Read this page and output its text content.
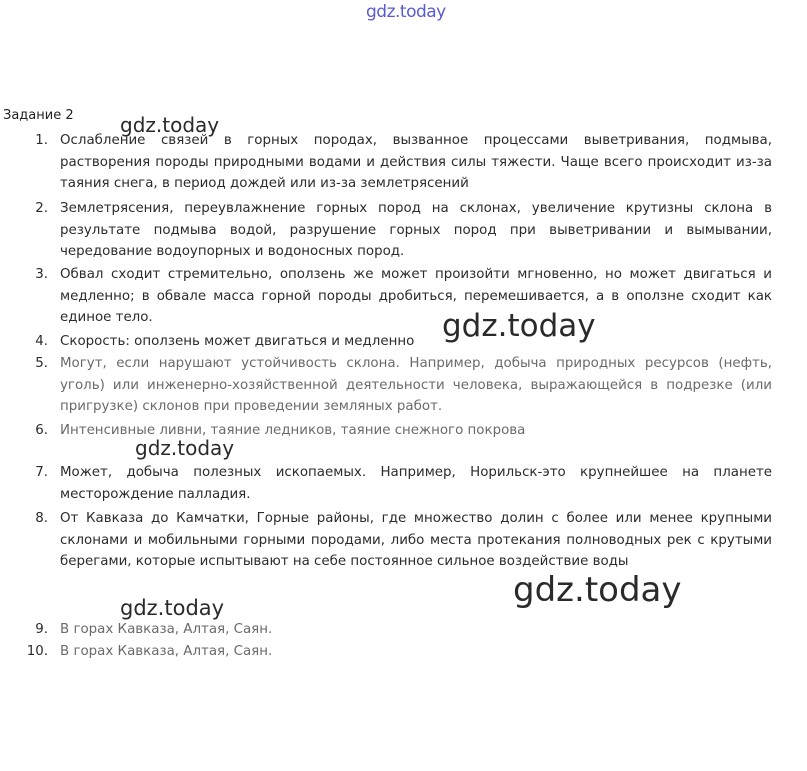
gdz.today
gdz.today
gdz.today
gdz.today
gdz.today
gdz.today
Задание 2
1. Ослабление связей в горных породах, вызванное процессами выветривания, подмыва, растворения породы природными водами и действия силы тяжести. Чаще всего происходит из-за таяния снега, в период дождей или из-за землетрясений
2. Землетрясения, переувлажнение горных пород на склонах, увеличение крутизны склона в результате подмыва водой, разрушение горных пород при выветривании и вымывании, чередование водоупорных и водоносных пород.
3. Обвал сходит стремительно, оползень же может произойти мгновенно, но может двигаться и медленно; в обвале масса горной породы дробиться, перемешивается, а в оползне сходит как единое тело.
4. Скорость: оползень может двигаться и медленно
5. Могут, если нарушают устойчивость склона. Например, добыча природных ресурсов (нефть, уголь) или инженерно-хозяйственной деятельности человека, выражающейся в подрезке (или пригрузке) склонов при проведении земляных работ.
6. Интенсивные ливни, таяние ледников, таяние снежного покрова
7. Может, добыча полезных ископаемых. Например, Норильск-это крупнейшее на планете месторождение палладия.
8. От Кавказа до Камчатки, Горные районы, где множество долин с более или менее крупными склонами и мобильными горными породами, либо места протекания полноводных рек с крутыми берегами, которые испытывают на себе постоянное сильное воздействие воды
9. В горах Кавказа, Алтая, Саян.
10. В горах Кавказа, Алтая, Саян.
